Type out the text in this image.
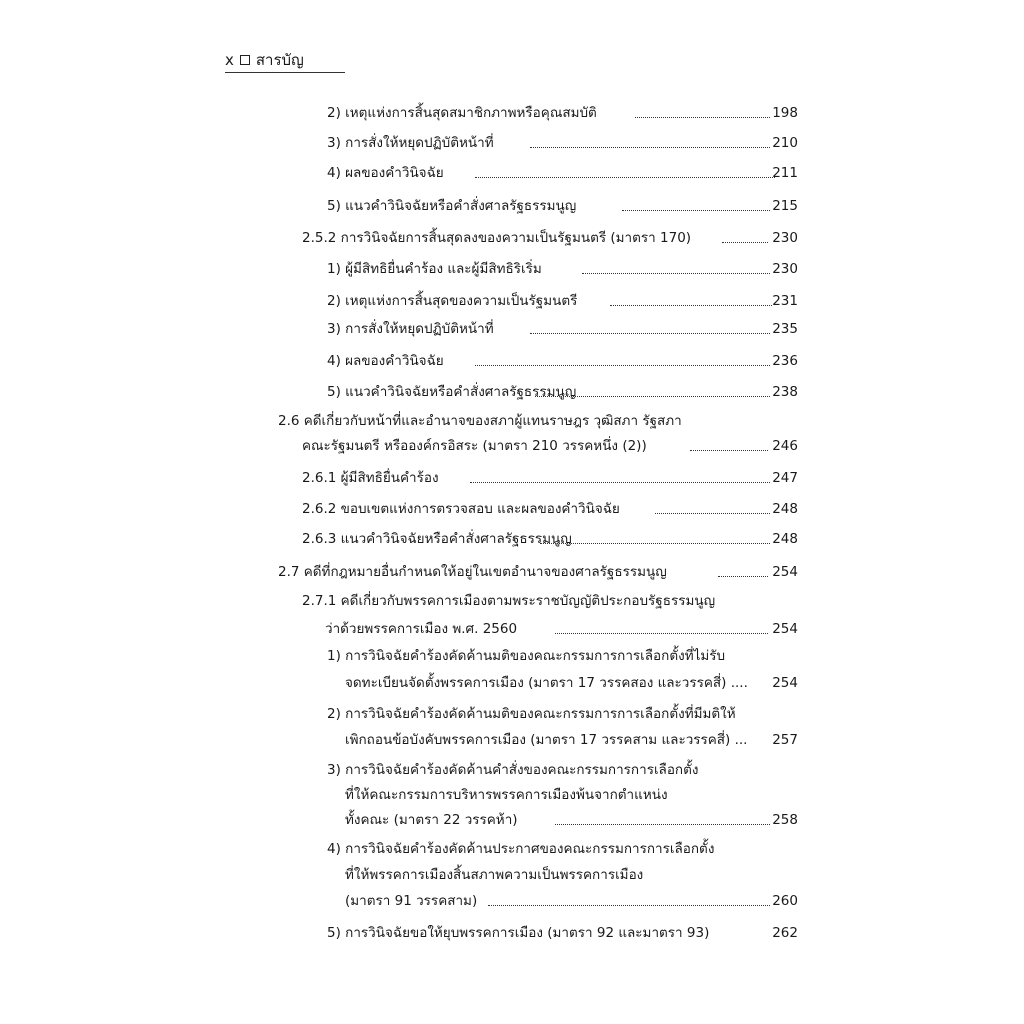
x สารบัญ
2) เหตุแห่งการสิ้นสุดสมาชิกภาพหรือคุณสมบัติ	198
3) การสั่งให้หยุดปฏิบัติหน้าที่	210
4) ผลของคำวินิจฉัย	211
5) แนวคำวินิจฉัยหรือคำสั่งศาลรัฐธรรมนูญ	215
2.5.2 การวินิจฉัยการสิ้นสุดลงของความเป็นรัฐมนตรี (มาตรา 170)	230
1) ผู้มีสิทธิยื่นคำร้อง และผู้มีสิทธิริเริ่ม	230
2) เหตุแห่งการสิ้นสุดของความเป็นรัฐมนตรี	231
3) การสั่งให้หยุดปฏิบัติหน้าที่	235
4) ผลของคำวินิจฉัย	236
5) แนวคำวินิจฉัยหรือคำสั่งศาลรัฐธรรมนูญ	238
2.6 คดีเกี่ยวกับหน้าที่และอำนาจของสภาผู้แทนราษฎร วุฒิสภา รัฐสภา
คณะรัฐมนตรี หรือองค์กรอิสระ (มาตรา 210 วรรคหนึ่ง (2))	246
2.6.1 ผู้มีสิทธิยื่นคำร้อง	247
2.6.2 ขอบเขตแห่งการตรวจสอบ และผลของคำวินิจฉัย	248
2.6.3 แนวคำวินิจฉัยหรือคำสั่งศาลรัฐธรรมนูญ	248
2.7 คดีที่กฎหมายอื่นกำหนดให้อยู่ในเขตอำนาจของศาลรัฐธรรมนูญ	254
2.7.1 คดีเกี่ยวกับพรรคการเมืองตามพระราชบัญญัติประกอบรัฐธรรมนูญ
ว่าด้วยพรรคการเมือง พ.ศ. 2560	254
1) การวินิจฉัยคำร้องคัดค้านมติของคณะกรรมการการเลือกตั้งที่ไม่รับ
จดทะเบียนจัดตั้งพรรคการเมือง (มาตรา 17 วรรคสอง และวรรคสี่) ....	254
2) การวินิจฉัยคำร้องคัดค้านมติของคณะกรรมการการเลือกตั้งที่มีมติให้
เพิกถอนข้อบังคับพรรคการเมือง (มาตรา 17 วรรคสาม และวรรคสี่) ...	257
3) การวินิจฉัยคำร้องคัดค้านคำสั่งของคณะกรรมการการเลือกตั้ง
ที่ให้คณะกรรมการบริหารพรรคการเมืองพ้นจากตำแหน่ง
ทั้งคณะ (มาตรา 22 วรรคห้า)	258
4) การวินิจฉัยคำร้องคัดค้านประกาศของคณะกรรมการการเลือกตั้ง
ที่ให้พรรคการเมืองสิ้นสภาพความเป็นพรรคการเมือง
(มาตรา 91 วรรคสาม)	260
5) การวินิจฉัยขอให้ยุบพรรคการเมือง (มาตรา 92 และมาตรา 93)	262
